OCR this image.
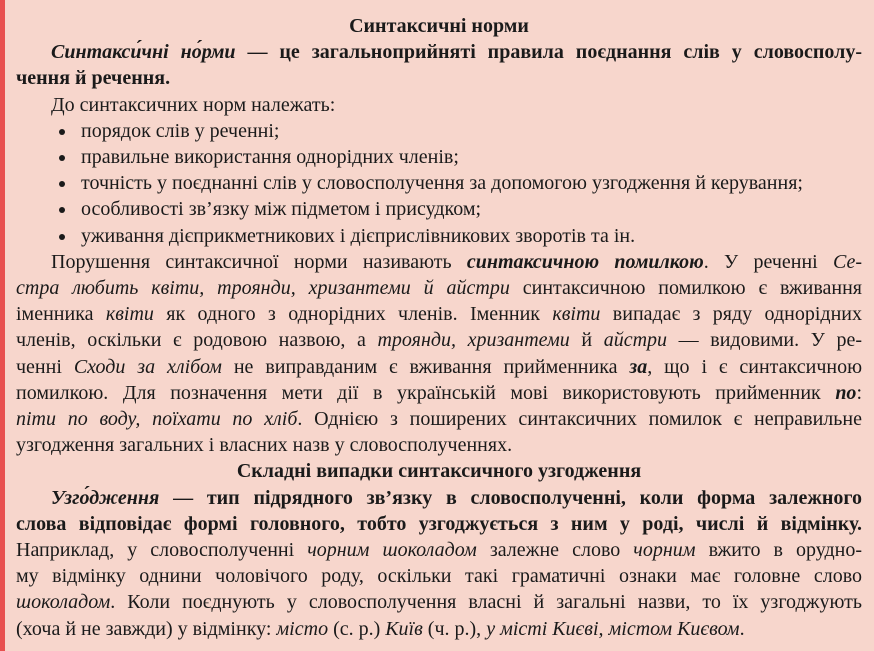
Синтаксичні норми
Синтакси́чні но́рми — це загальноприйняті правила поєднання слів у словосполу-
чення й речення.
До синтаксичних норм належать:
порядок слів у реченні;
правильне використання однорідних членів;
точність у поєднанні слів у словосполучення за допомогою узгодження й керування;
особливості зв’язку між підметом і присудком;
уживання дієприкметникових і дієприслівникових зворотів та ін.
Порушення синтаксичної норми називають синтаксичною помилкою. У реченні Се-
стра любить квіти, троянди, хризантеми й айстри синтаксичною помилкою є вживання
іменника квіти як одного з однорідних членів. Іменник квіти випадає з ряду однорідних
членів, оскільки є родовою назвою, а троянди, хризантеми й айстри — видовими. У ре-
ченні Сходи за хлібом не виправданим є вживання прийменника за, що і є синтаксичною
помилкою. Для позначення мети дії в українській мові використовують прийменник по:
піти по воду, поїхати по хліб. Однією з поширених синтаксичних помилок є неправильне
узгодження загальних і власних назв у словосполученнях.
Складні випадки синтаксичного узгодження
Узго́дження — тип підрядного зв’язку в словосполученні, коли форма залежного
слова відповідає формі головного, тобто узгоджується з ним у роді, числі й відмінку.
Наприклад, у словосполученні чорним шоколадом залежне слово чорним вжито в орудно-
му відмінку однини чоловічого роду, оскільки такі граматичні ознаки має головне слово
шоколадом. Коли поєднують у словосполучення власні й загальні назви, то їх узгоджують
(хоча й не завжди) у відмінку: місто (с. р.) Київ (ч. р.), у місті Києві, містом Києвом.
